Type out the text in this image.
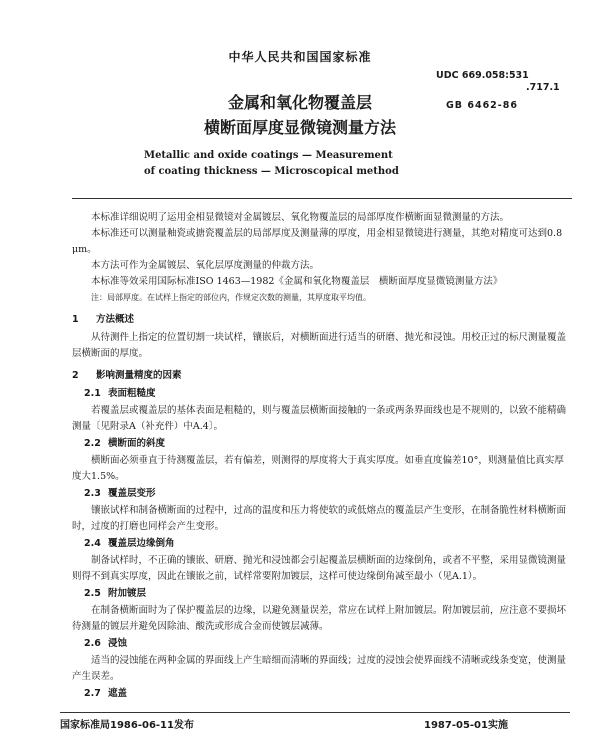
中华人民共和国国家标准
UDC 669.058:531
.717.1
GB 6462-86
金属和氧化物覆盖层
横断面厚度显微镜测量方法
Metallic and oxide coatings — Measurement
of coating thickness — Microscopical method

本标准详细说明了运用金相显微镜对金属镀层、氧化物覆盖层的局部厚度作横断面显微测量的方法。

本标准还可以测量釉瓷或搪瓷覆盖层的局部厚度及测量薄的厚度，用金相显微镜进行测量，其绝对精度可达到0.8 μm。

本方法可作为金属镀层、氧化层厚度测量的仲裁方法。

本标准等效采用国际标准ISO 1463—1982《金属和氧化物覆盖层　横断面厚度显微镜测量方法》

注：局部厚度。在试样上指定的部位内，作规定次数的测量，其厚度取平均值。

1 方法概述

从待测件上指定的位置切割一块试样，镶嵌后，对横断面进行适当的研磨、抛光和浸蚀。用校正过的标尺测量覆盖层横断面的厚度。

2 影响测量精度的因素
2.1 表面粗糙度

若覆盖层或覆盖层的基体表面是粗糙的，则与覆盖层横断面接触的一条或两条界面线也是不规则的，以致不能精确测量〔见附录A（补充件）中A.4〕。

2.2 横断面的斜度

横断面必须垂直于待测覆盖层，若有偏差，则测得的厚度将大于真实厚度。如垂直度偏差10°，则测量值比真实厚度大1.5%。

2.3 覆盖层变形

镶嵌试样和制备横断面的过程中，过高的温度和压力将使软的或低熔点的覆盖层产生变形，在制备脆性材料横断面时，过度的打磨也同样会产生变形。

2.4 覆盖层边缘倒角

制备试样时，不正确的镶嵌、研磨、抛光和浸蚀都会引起覆盖层横断面的边缘倒角，或者不平整，采用显微镜测量则得不到真实厚度，因此在镶嵌之前，试样常要附加镀层，这样可使边缘倒角减至最小（见A.1）。

2.5 附加镀层

在制备横断面时为了保护覆盖层的边缘，以避免测量误差，常应在试样上附加镀层。附加镀层前，应注意不要损坏待测量的镀层并避免因除油、酸洗或形成合金而使镀层减薄。

2.6 浸蚀

适当的浸蚀能在两种金属的界面线上产生暗细而清晰的界面线；过度的浸蚀会使界面线不清晰或线条变宽，使测量产生误差。

2.7 遮盖
国家标准局1986-06-11发布	1987-05-01实施
